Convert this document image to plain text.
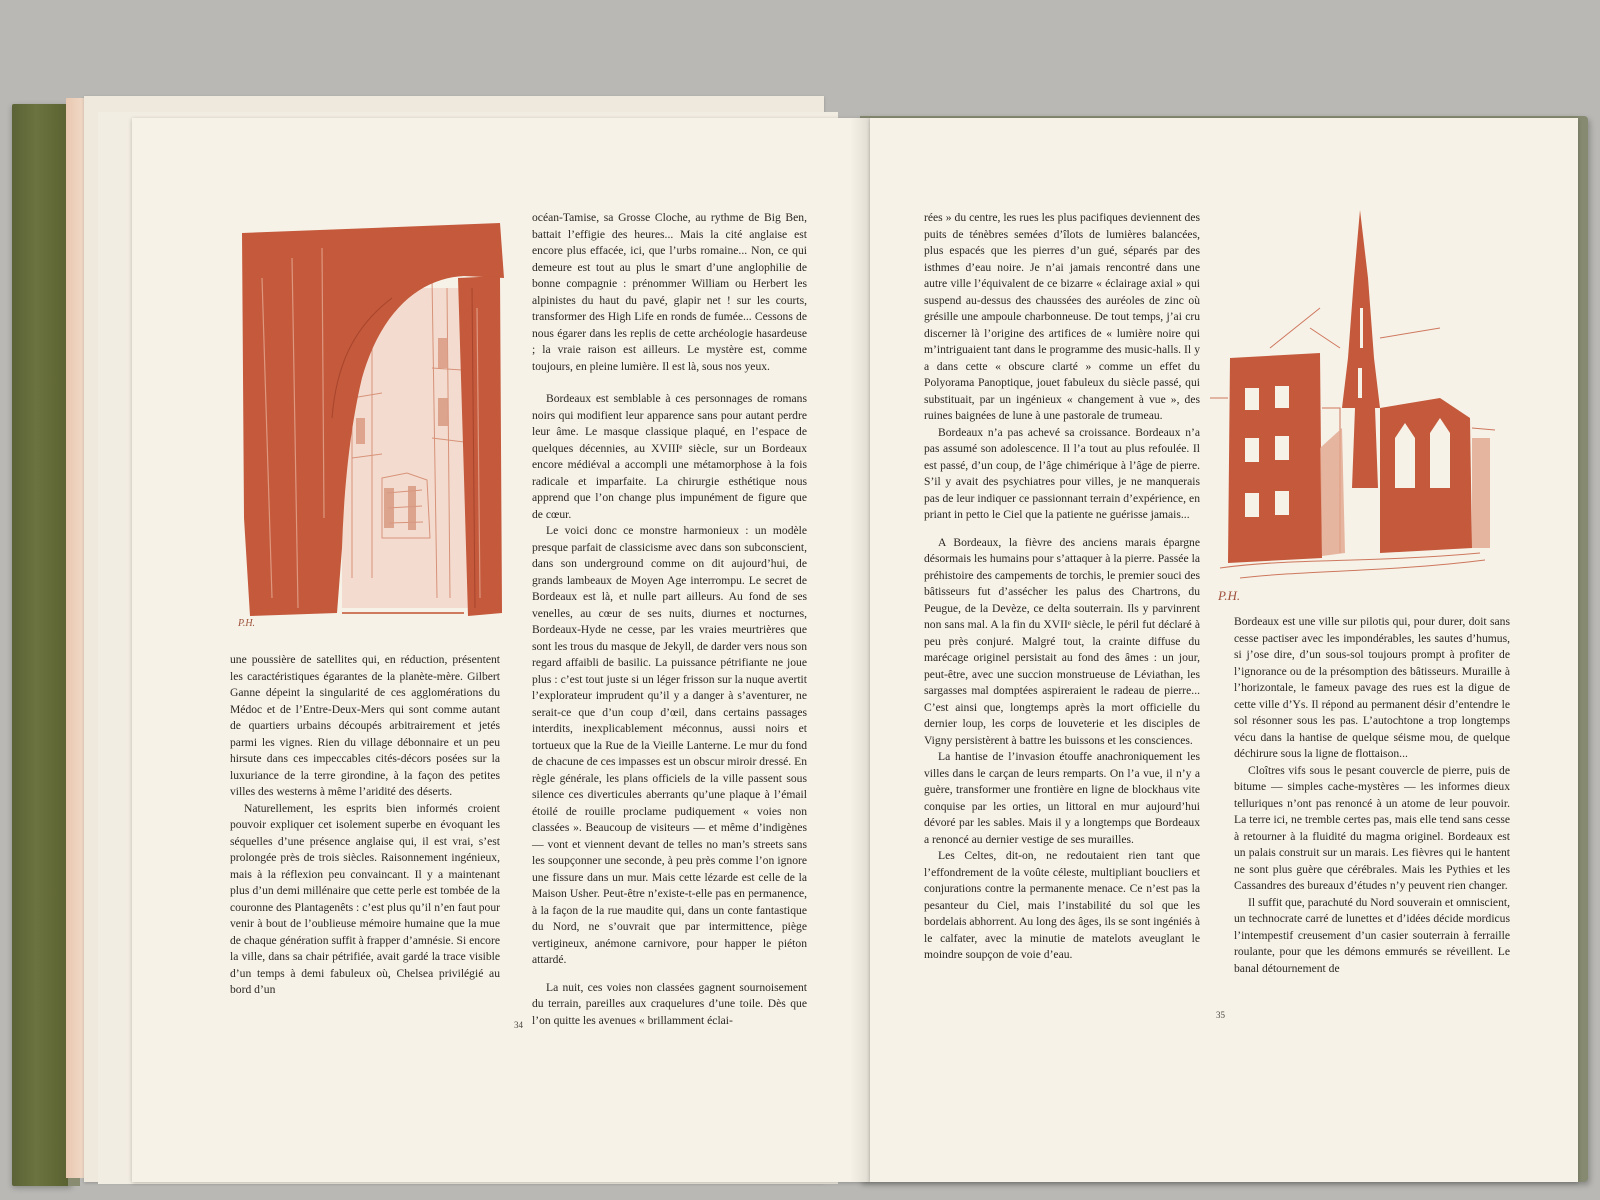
P.H.

une poussière de satellites qui, en réduction, présentent les caractéristiques égarantes de la planète-mère. Gilbert Ganne dépeint la singularité de ces agglomérations du Médoc et de l’Entre-Deux-Mers qui sont comme autant de quartiers urbains découpés arbitrairement et jetés parmi les vignes. Rien du village débonnaire et un peu hirsute dans ces impeccables cités-décors posées sur la luxuriance de la terre girondine, à la façon des petites villes des westerns à même l’aridité des déserts.

Naturellement, les esprits bien informés croient pouvoir expliquer cet isolement superbe en évoquant les séquelles d’une présence anglaise qui, il est vrai, s’est prolongée près de trois siècles. Raisonnement ingénieux, mais à la réflexion peu convaincant. Il y a maintenant plus d’un demi millénaire que cette perle est tombée de la couronne des Plantagenêts : c’est plus qu’il n’en faut pour venir à bout de l’oublieuse mémoire humaine que la mue de chaque génération suffit à frapper d’amnésie. Si encore la ville, dans sa chair pétrifiée, avait gardé la trace visible d’un temps à demi fabuleux où, Chelsea privilégié au bord d’un

océan-Tamise, sa Grosse Cloche, au rythme de Big Ben, battait l’effigie des heures... Mais la cité anglaise est encore plus effacée, ici, que l’urbs romaine... Non, ce qui demeure est tout au plus le smart d’une anglophilie de bonne compagnie : prénommer William ou Herbert les alpinistes du haut du pavé, glapir net ! sur les courts, transformer des High Life en ronds de fumée... Cessons de nous égarer dans les replis de cette archéologie hasardeuse ; la vraie raison est ailleurs. Le mystère est, comme toujours, en pleine lumière. Il est là, sous nos yeux.

Bordeaux est semblable à ces personnages de romans noirs qui modifient leur apparence sans pour autant perdre leur âme. Le masque classique plaqué, en l’espace de quelques décennies, au XVIIIᵉ siècle, sur un Bordeaux encore médiéval a accompli une métamorphose à la fois radicale et imparfaite. La chirurgie esthétique nous apprend que l’on change plus impunément de figure que de cœur.

Le voici donc ce monstre harmonieux : un modèle presque parfait de classicisme avec dans son subconscient, dans son underground comme on dit aujourd’hui, de grands lambeaux de Moyen Age interrompu. Le secret de Bordeaux est là, et nulle part ailleurs. Au fond de ses venelles, au cœur de ses nuits, diurnes et nocturnes, Bordeaux-Hyde ne cesse, par les vraies meurtrières que sont les trous du masque de Jekyll, de darder vers nous son regard affaibli de basilic. La puissance pétrifiante ne joue plus : c’est tout juste si un léger frisson sur la nuque avertit l’explorateur imprudent qu’il y a danger à s’aventurer, ne serait-ce que d’un coup d’œil, dans certains passages interdits, inexplicablement méconnus, aussi noirs et tortueux que la Rue de la Vieille Lanterne. Le mur du fond de chacune de ces impasses est un obscur miroir dressé. En règle générale, les plans officiels de la ville passent sous silence ces diverticules aberrants qu’une plaque à l’émail étoilé de rouille proclame pudiquement « voies non classées ». Beaucoup de visiteurs — et même d’indigènes — vont et viennent devant de telles no man’s streets sans les soupçonner une seconde, à peu près comme l’on ignore une fissure dans un mur. Mais cette lézarde est celle de la Maison Usher. Peut-être n’existe-t-elle pas en permanence, à la façon de la rue maudite qui, dans un conte fantastique du Nord, ne s’ouvrait que par intermittence, piège vertigineux, anémone carnivore, pour happer le piéton attardé.

La nuit, ces voies non classées gagnent sournoisement du terrain, pareilles aux craquelures d’une toile. Dès que l’on quitte les avenues « brillamment éclai-

34

rées » du centre, les rues les plus pacifiques deviennent des puits de ténèbres semées d’îlots de lumières balancées, plus espacés que les pierres d’un gué, séparés par des isthmes d’eau noire. Je n’ai jamais rencontré dans une autre ville l’équivalent de ce bizarre « éclairage axial » qui suspend au-dessus des chaussées des auréoles de zinc où grésille une ampoule charbonneuse. De tout temps, j’ai cru discerner là l’origine des artifices de « lumière noire qui m’intriguaient tant dans le programme des music-halls. Il y a dans cette « obscure clarté » comme un effet du Polyorama Panoptique, jouet fabuleux du siècle passé, qui substituait, par un ingénieux « changement à vue », des ruines baignées de lune à une pastorale de trumeau.

Bordeaux n’a pas achevé sa croissance. Bordeaux n’a pas assumé son adolescence. Il l’a tout au plus refoulée. Il est passé, d’un coup, de l’âge chimérique à l’âge de pierre. S’il y avait des psychiatres pour villes, je ne manquerais pas de leur indiquer ce passionnant terrain d’expérience, en priant in petto le Ciel que la patiente ne guérisse jamais...

A Bordeaux, la fièvre des anciens marais épargne désormais les humains pour s’attaquer à la pierre. Passée la préhistoire des campements de torchis, le premier souci des bâtisseurs fut d’assécher les palus des Chartrons, du Peugue, de la Devèze, ce delta souterrain. Ils y parvinrent non sans mal. A la fin du XVIIᵉ siècle, le péril fut déclaré à peu près conjuré. Malgré tout, la crainte diffuse du marécage originel persistait au fond des âmes : un jour, peut-être, avec une succion monstrueuse de Léviathan, les sargasses mal domptées aspireraient le radeau de pierre... C’est ainsi que, longtemps après la mort officielle du dernier loup, les corps de louveterie et les disciples de Vigny persistèrent à battre les buissons et les consciences.

La hantise de l’invasion étouffe anachroniquement les villes dans le carçan de leurs remparts. On l’a vue, il n’y a guère, transformer une frontière en ligne de blockhaus vite conquise par les orties, un littoral en mur aujourd’hui dévoré par les sables. Mais il y a longtemps que Bordeaux a renoncé au dernier vestige de ses murailles.

Les Celtes, dit-on, ne redoutaient rien tant que l’effondrement de la voûte céleste, multipliant boucliers et conjurations contre la permanente menace. Ce n’est pas la pesanteur du Ciel, mais l’instabilité du sol que les bordelais abhorrent. Au long des âges, ils se sont ingéniés à le calfater, avec la minutie de matelots aveuglant le moindre soupçon de voie d’eau.

P.H.

Bordeaux est une ville sur pilotis qui, pour durer, doit sans cesse pactiser avec les impondérables, les sautes d’humus, si j’ose dire, d’un sous-sol toujours prompt à profiter de l’ignorance ou de la présomption des bâtisseurs. Muraille à l’horizontale, le fameux pavage des rues est la digue de cette ville d’Ys. Il répond au permanent désir d’entendre le sol résonner sous les pas. L’autochtone a trop longtemps vécu dans la hantise de quelque séisme mou, de quelque déchirure sous la ligne de flottaison...

Cloîtres vifs sous le pesant couvercle de pierre, puis de bitume — simples cache-mystères — les informes dieux telluriques n’ont pas renoncé à un atome de leur pouvoir. La terre ici, ne tremble certes pas, mais elle tend sans cesse à retourner à la fluidité du magma originel. Bordeaux est un palais construit sur un marais. Les fièvres qui le hantent ne sont plus guère que cérébrales. Mais les Pythies et les Cassandres des bureaux d’études n’y peuvent rien changer.

Il suffit que, parachuté du Nord souverain et omniscient, un technocrate carré de lunettes et d’idées décide mordicus l’intempestif creusement d’un casier souterrain à ferraille roulante, pour que les démons emmurés se réveillent. Le banal détournement de

35
